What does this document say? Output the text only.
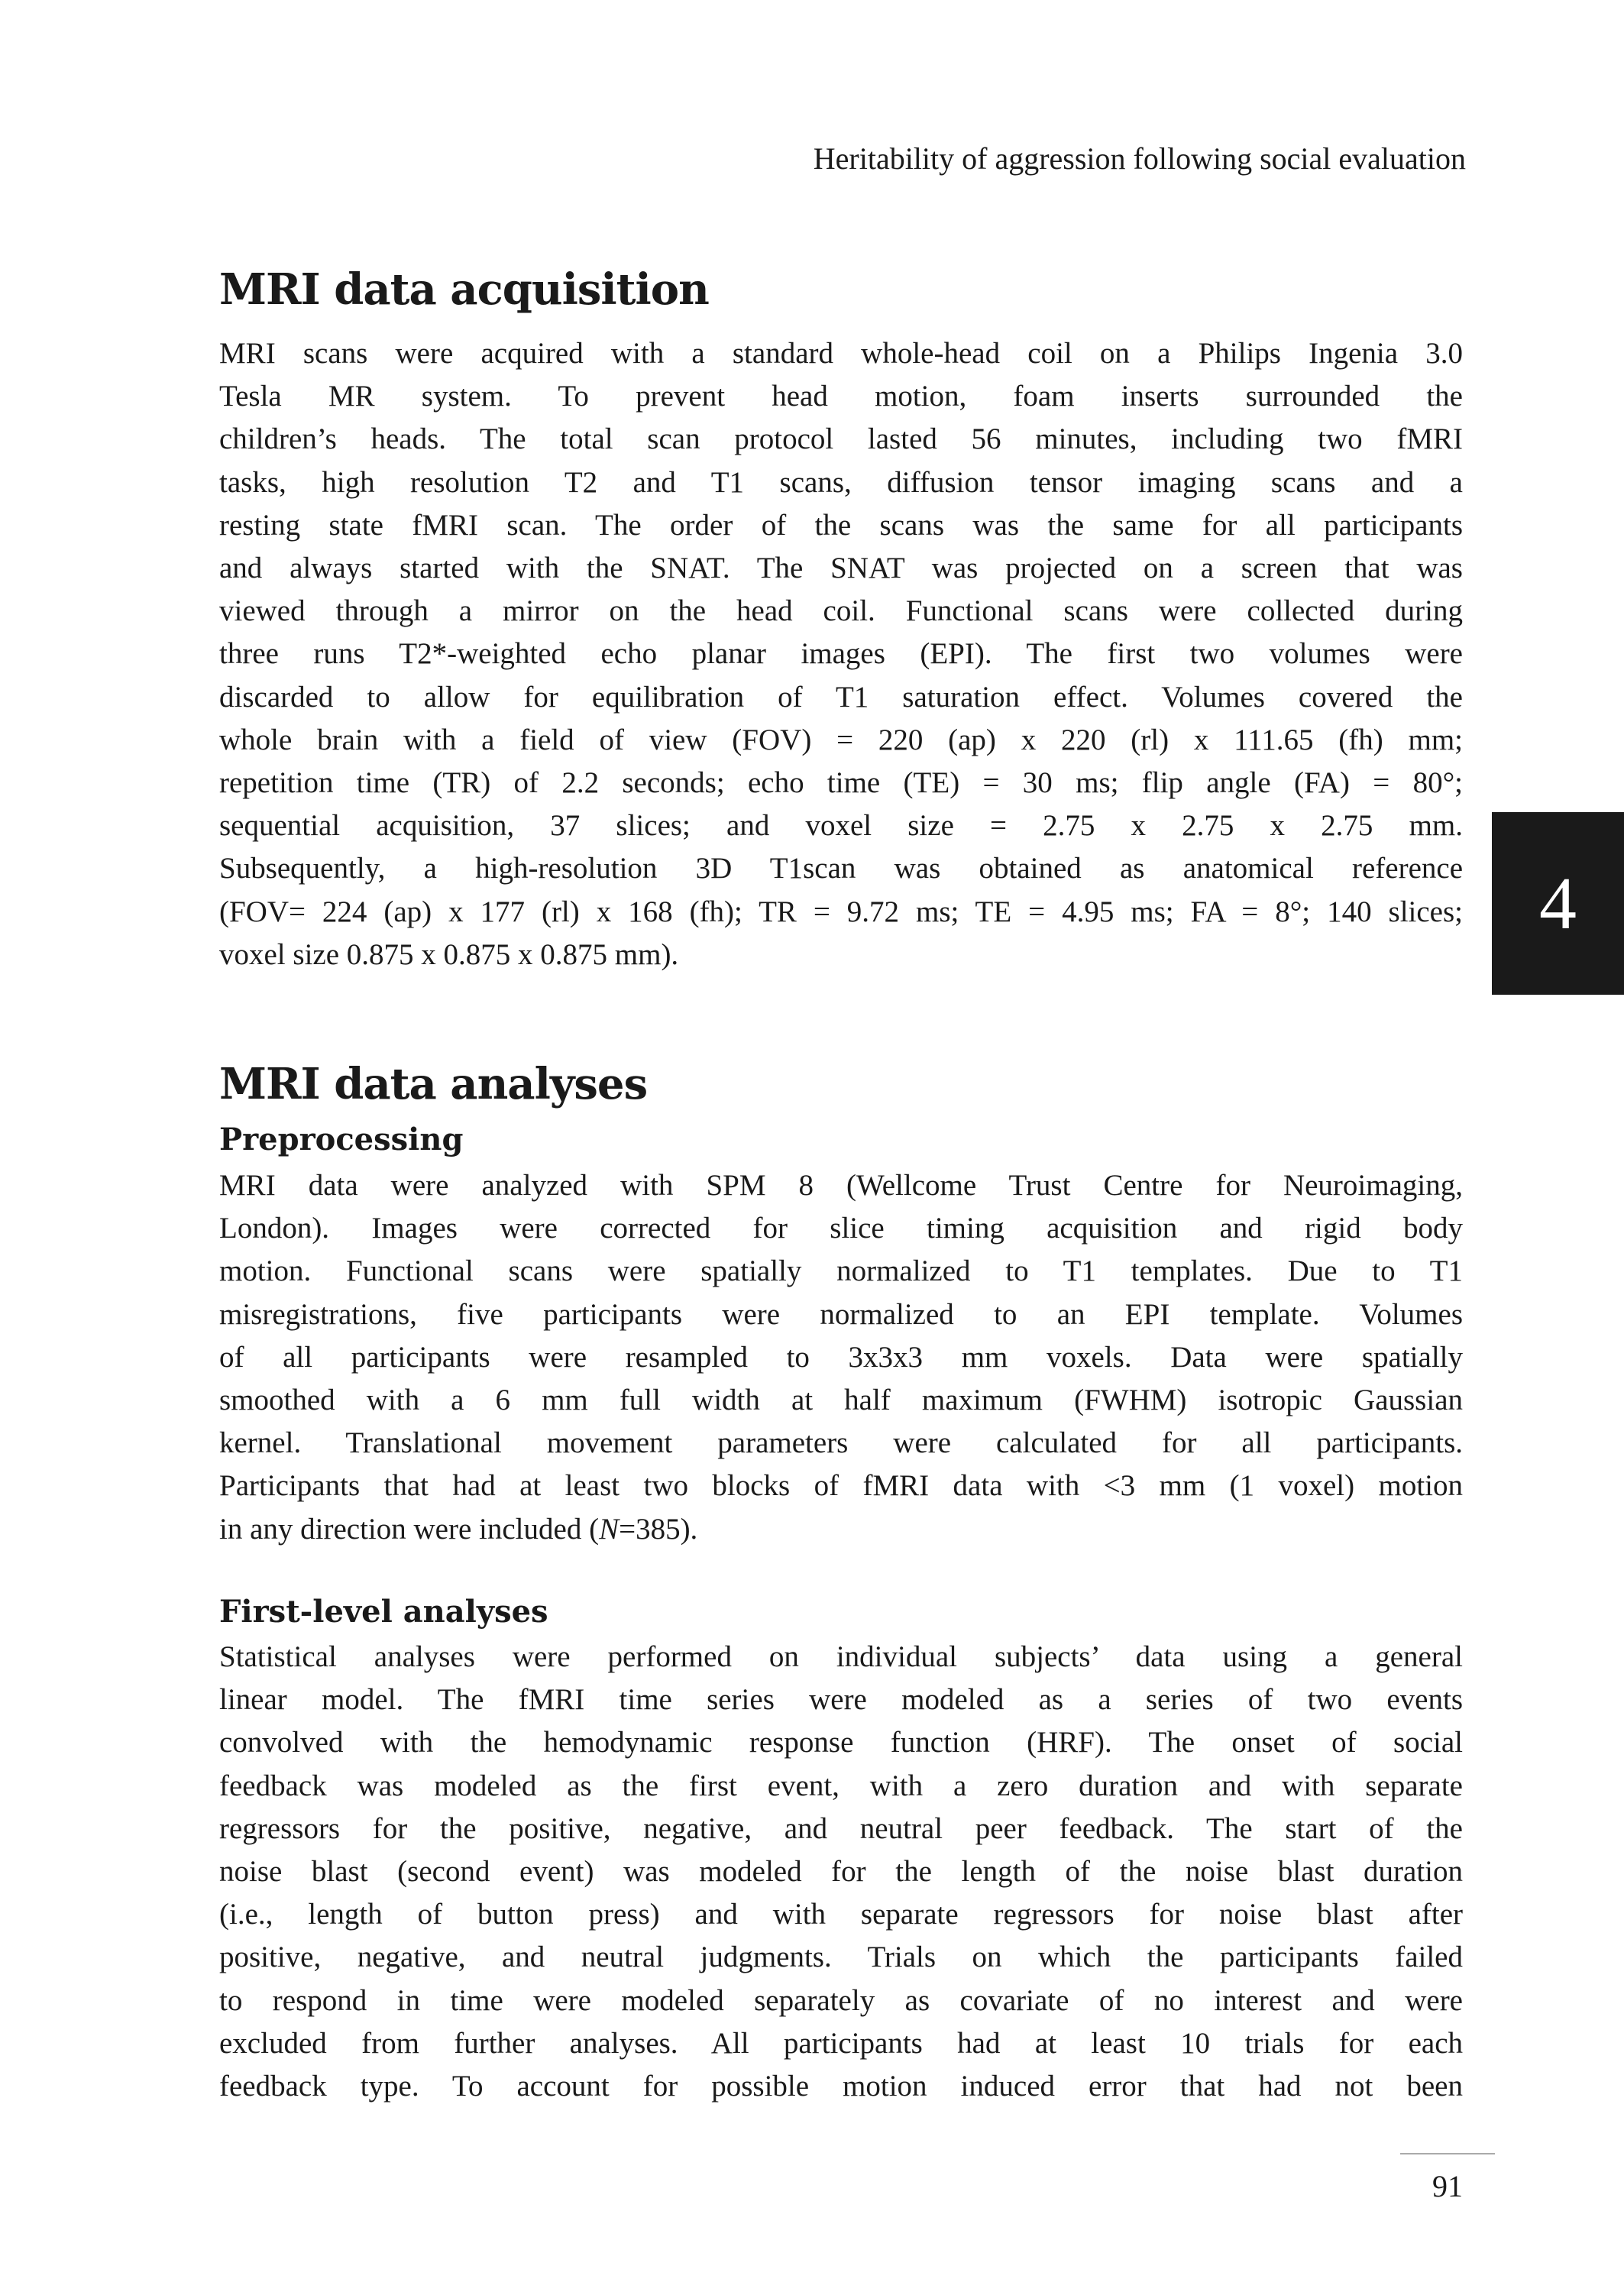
Heritability of aggression following social evaluation
MRI data acquisition
MRI scans were acquired with a standard whole-head coil on a Philips Ingenia 3.0
Tesla MR system. To prevent head motion, foam inserts surrounded the
children’s heads. The total scan protocol lasted 56 minutes, including two fMRI
tasks, high resolution T2 and T1 scans, diffusion tensor imaging scans and a
resting state fMRI scan. The order of the scans was the same for all participants
and always started with the SNAT. The SNAT was projected on a screen that was
viewed through a mirror on the head coil. Functional scans were collected during
three runs T2*-weighted echo planar images (EPI). The first two volumes were
discarded to allow for equilibration of T1 saturation effect. Volumes covered the
whole brain with a field of view (FOV) = 220 (ap) x 220 (rl) x 111.65 (fh) mm;
repetition time (TR) of 2.2 seconds; echo time (TE) = 30 ms; flip angle (FA) = 80°;
sequential acquisition, 37 slices; and voxel size = 2.75 x 2.75 x 2.75 mm.
Subsequently, a high-resolution 3D T1scan was obtained as anatomical reference
(FOV= 224 (ap) x 177 (rl) x 168 (fh); TR = 9.72 ms; TE = 4.95 ms; FA = 8°; 140 slices;
voxel size 0.875 x 0.875 x 0.875 mm).
MRI data analyses
Preprocessing
MRI data were analyzed with SPM 8 (Wellcome Trust Centre for Neuroimaging,
London). Images were corrected for slice timing acquisition and rigid body
motion. Functional scans were spatially normalized to T1 templates. Due to T1
misregistrations, five participants were normalized to an EPI template. Volumes
of all participants were resampled to 3x3x3 mm voxels. Data were spatially
smoothed with a 6 mm full width at half maximum (FWHM) isotropic Gaussian
kernel. Translational movement parameters were calculated for all participants.
Participants that had at least two blocks of fMRI data with <3 mm (1 voxel) motion
in any direction were included (N=385).
First-level analyses
Statistical analyses were performed on individual subjects’ data using a general
linear model. The fMRI time series were modeled as a series of two events
convolved with the hemodynamic response function (HRF). The onset of social
feedback was modeled as the first event, with a zero duration and with separate
regressors for the positive, negative, and neutral peer feedback. The start of the
noise blast (second event) was modeled for the length of the noise blast duration
(i.e., length of button press) and with separate regressors for noise blast after
positive, negative, and neutral judgments. Trials on which the participants failed
to respond in time were modeled separately as covariate of no interest and were
excluded from further analyses. All participants had at least 10 trials for each
feedback type. To account for possible motion induced error that had not been
4
91
